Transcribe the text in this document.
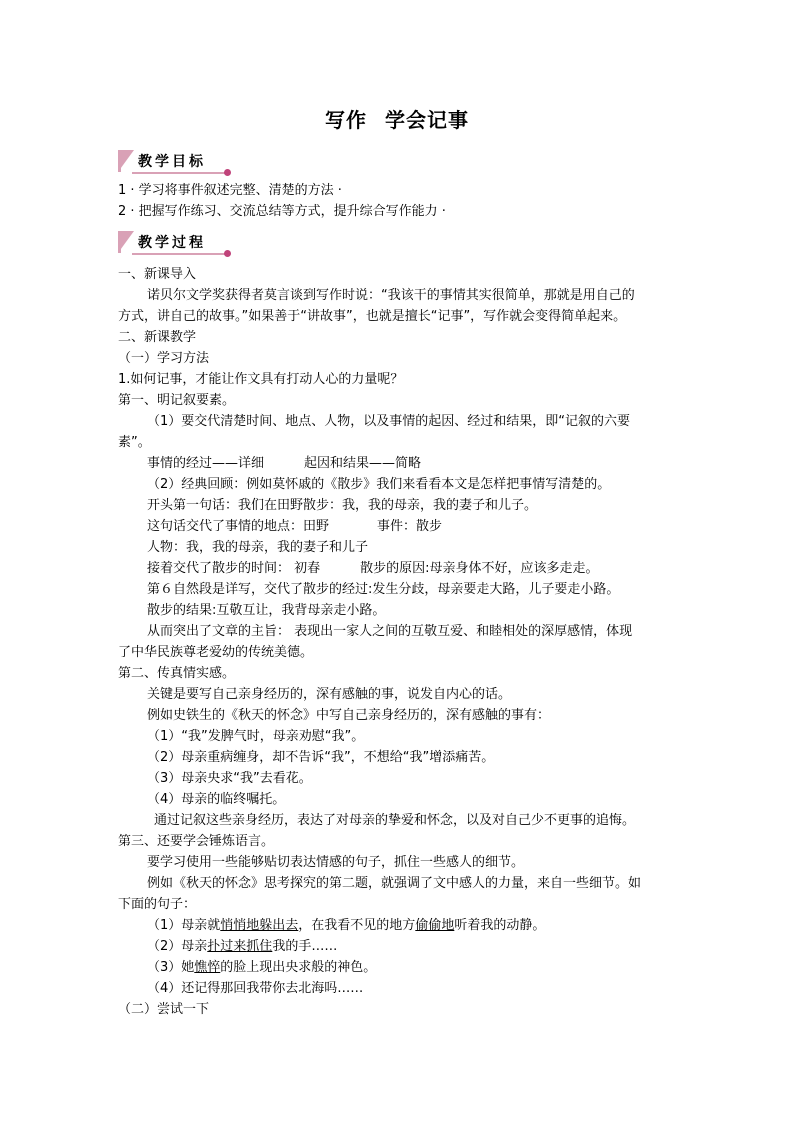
写作 学会记事
教学目标
1 · 学习将事件叙述完整、清楚的方法 ·
2 · 把握写作练习、交流总结等方式，提升综合写作能力 ·
教学过程
一、新课导入
诺贝尔文学奖获得者莫言谈到写作时说：“我该干的事情其实很简单，那就是用自己的
方式，讲自己的故事。”如果善于“讲故事”，也就是擅长“记事”，写作就会变得简单起来。
二、新课教学
（一）学习方法
1.如何记事，才能让作文具有打动人心的力量呢？
第一、明记叙要素。
（1）要交代清楚时间、地点、人物，以及事情的起因、经过和结果，即“记叙的六要
素”。
事情的经过——详细	起因和结果——简略
（2）经典回顾：例如莫怀戚的《散步》我们来看看本文是怎样把事情写清楚的。
开头第一句话：我们在田野散步：我，我的母亲，我的妻子和儿子。
这句话交代了事情的地点：田野	事件：散步
人物：我，我的母亲，我的妻子和儿子
接着交代了散步的时间： 初春	散步的原因:母亲身体不好，应该多走走。
第６自然段是详写，交代了散步的经过:发生分歧，母亲要走大路，儿子要走小路。
散步的结果:互敬互让，我背母亲走小路。
从而突出了文章的主旨： 表现出一家人之间的互敬互爱、和睦相处的深厚感情，体现
了中华民族尊老爱幼的传统美德。
第二、传真情实感。
关键是要写自己亲身经历的，深有感触的事，说发自内心的话。
例如史铁生的《秋天的怀念》中写自己亲身经历的，深有感触的事有：
（1）“我”发脾气时，母亲劝慰“我”。
（2）母亲重病缠身，却不告诉“我”，不想给“我”增添痛苦。
（3）母亲央求“我”去看花。
（4）母亲的临终嘱托。
通过记叙这些亲身经历，表达了对母亲的挚爱和怀念，以及对自己少不更事的追悔。
第三、还要学会锤炼语言。
要学习使用一些能够贴切表达情感的句子，抓住一些感人的细节。
例如《秋天的怀念》思考探究的第二题，就强调了文中感人的力量，来自一些细节。如
下面的句子：
（1）母亲就悄悄地躲出去，在我看不见的地方偷偷地听着我的动静。
（2）母亲扑过来抓住我的手……
（3）她憔悴的脸上现出央求般的神色。
（4）还记得那回我带你去北海吗……
（二）尝试一下
